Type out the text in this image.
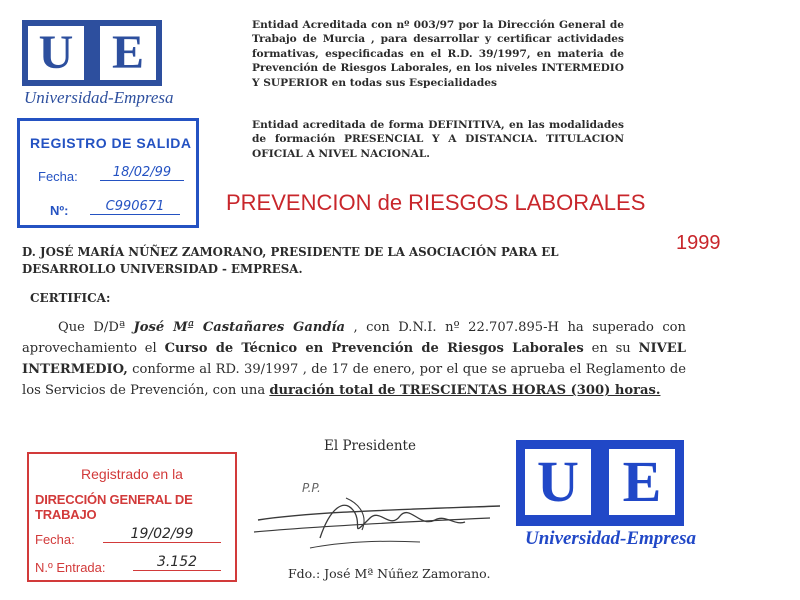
U E
Universidad-Empresa
REGISTRO DE SALIDA
Fecha:	18/02/99
Nº:	C990671
Entidad Acreditada con nº 003/97 por la Dirección General de Trabajo de Murcia , para desarrollar y certificar actividades formativas, especificadas en el R.D. 39/1997, en materia de Prevención de Riesgos Laborales, en los niveles INTERMEDIO Y SUPERIOR en todas sus Especialidades
Entidad acreditada de forma DEFINITIVA, en las modalidades de formación PRESENCIAL Y A DISTANCIA. TITULACION OFICIAL A NIVEL NACIONAL.
PREVENCION de RIESGOS LABORALES
1999
D. JOSÉ MARÍA NÚÑEZ ZAMORANO, PRESIDENTE DE LA ASOCIACIÓN PARA EL DESARROLLO UNIVERSIDAD - EMPRESA.
CERTIFICA:
Que D/Dª José Mª Castañares Gandía , con D.N.I. nº 22.707.895-H ha superado con aprovechamiento el Curso de Técnico en Prevención de Riesgos Laborales en su NIVEL INTERMEDIO, conforme al RD. 39/1997 , de 17 de enero, por el que se aprueba el Reglamento de los Servicios de Prevención, con una duración total de TRESCIENTAS HORAS (300) horas.
El Presidente
P.P.
Fdo.: José Mª Núñez Zamorano.
Registrado en la
DIRECCIÓN GENERAL DE TRABAJO
Fecha:	19/02/99
N.º Entrada:	3.152
U E
Universidad-Empresa
